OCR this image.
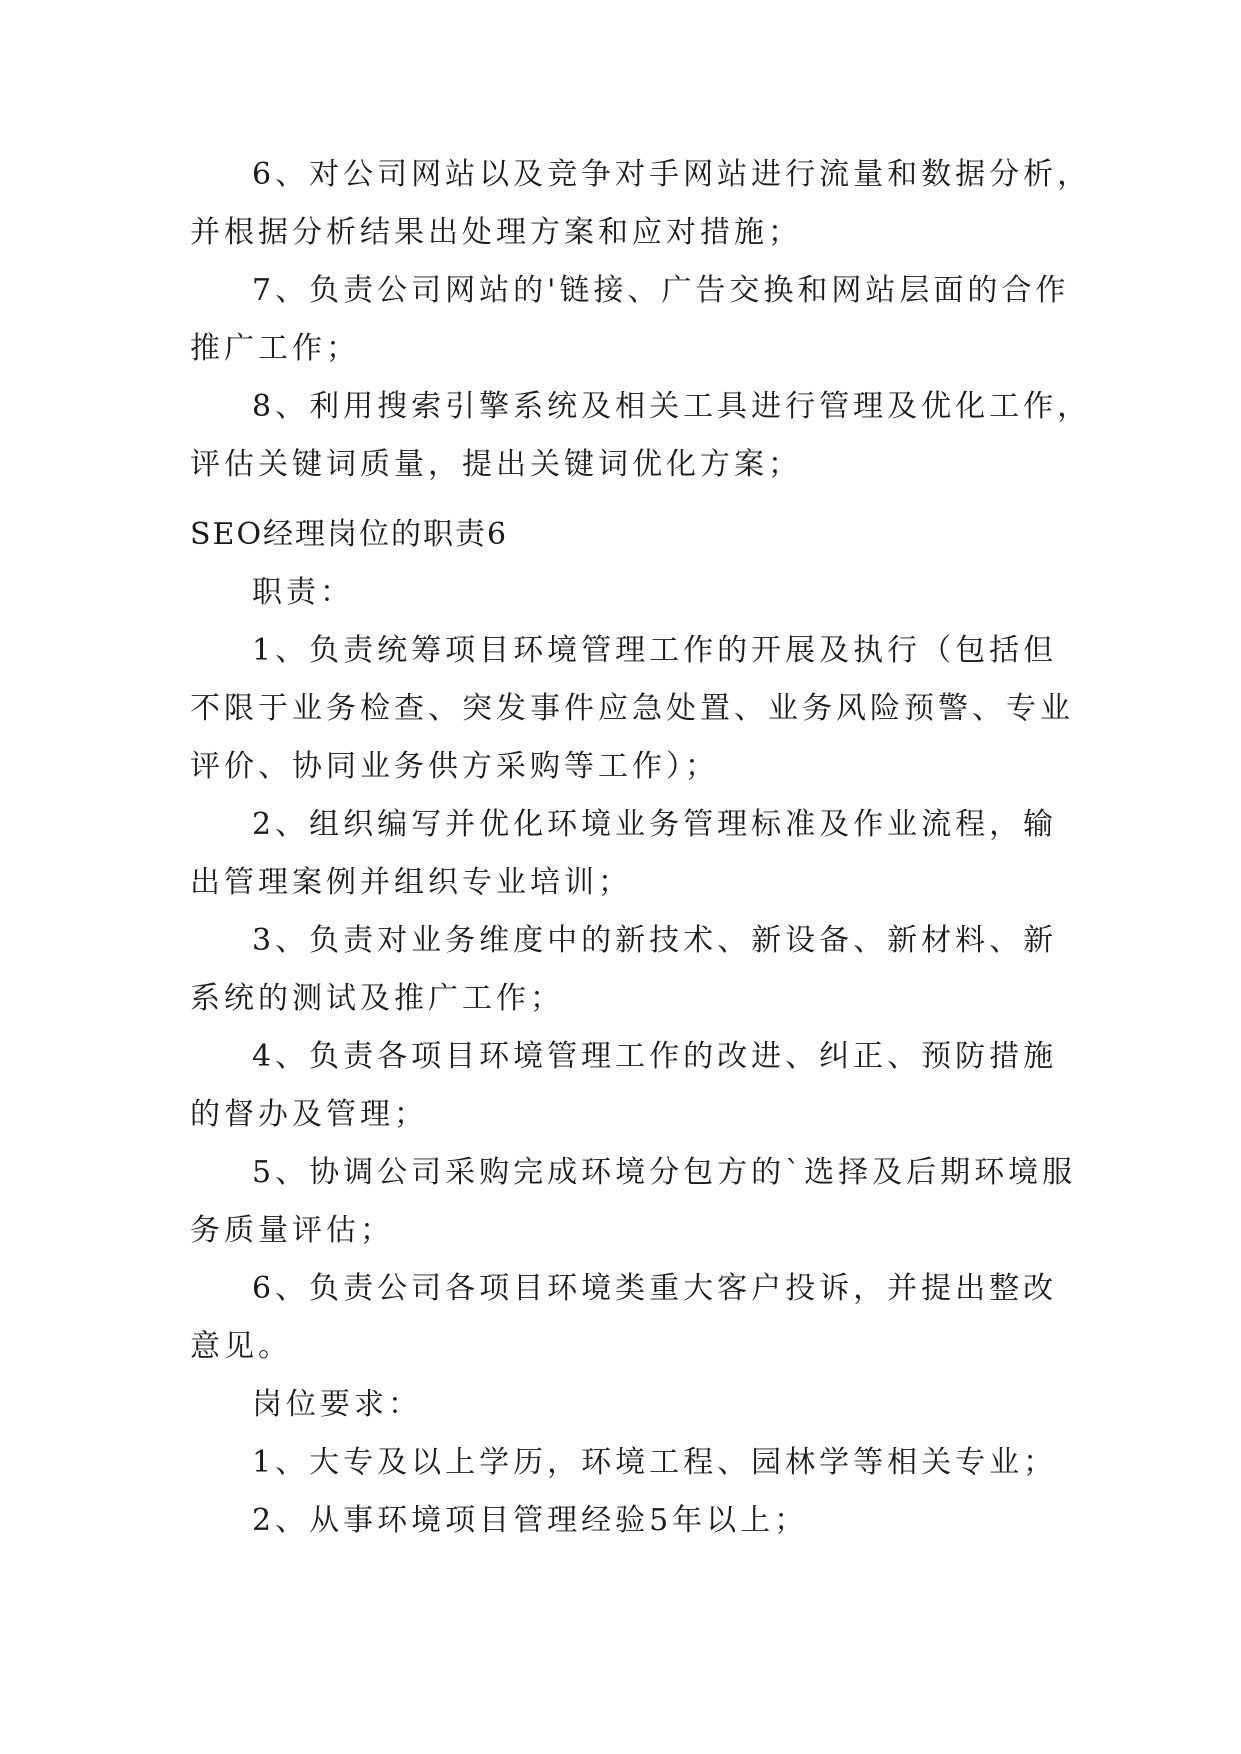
6、对公司网站以及竞争对手网站进行流量和数据分析，

并根据分析结果出处理方案和应对措施；

7、负责公司网站的'链接、广告交换和网站层面的合作

推广工作；

8、利用搜索引擎系统及相关工具进行管理及优化工作，

评估关键词质量，提出关键词优化方案；

SEO经理岗位的职责6

职责：

1、负责统筹项目环境管理工作的开展及执行（包括但

不限于业务检查、突发事件应急处置、业务风险预警、专业

评价、协同业务供方采购等工作）；

2、组织编写并优化环境业务管理标准及作业流程，输

出管理案例并组织专业培训；

3、负责对业务维度中的新技术、新设备、新材料、新

系统的测试及推广工作；

4、负责各项目环境管理工作的改进、纠正、预防措施

的督办及管理；

5、协调公司采购完成环境分包方的`选择及后期环境服

务质量评估；

6、负责公司各项目环境类重大客户投诉，并提出整改

意见。

岗位要求：

1、大专及以上学历，环境工程、园林学等相关专业；

2、从事环境项目管理经验5年以上；
